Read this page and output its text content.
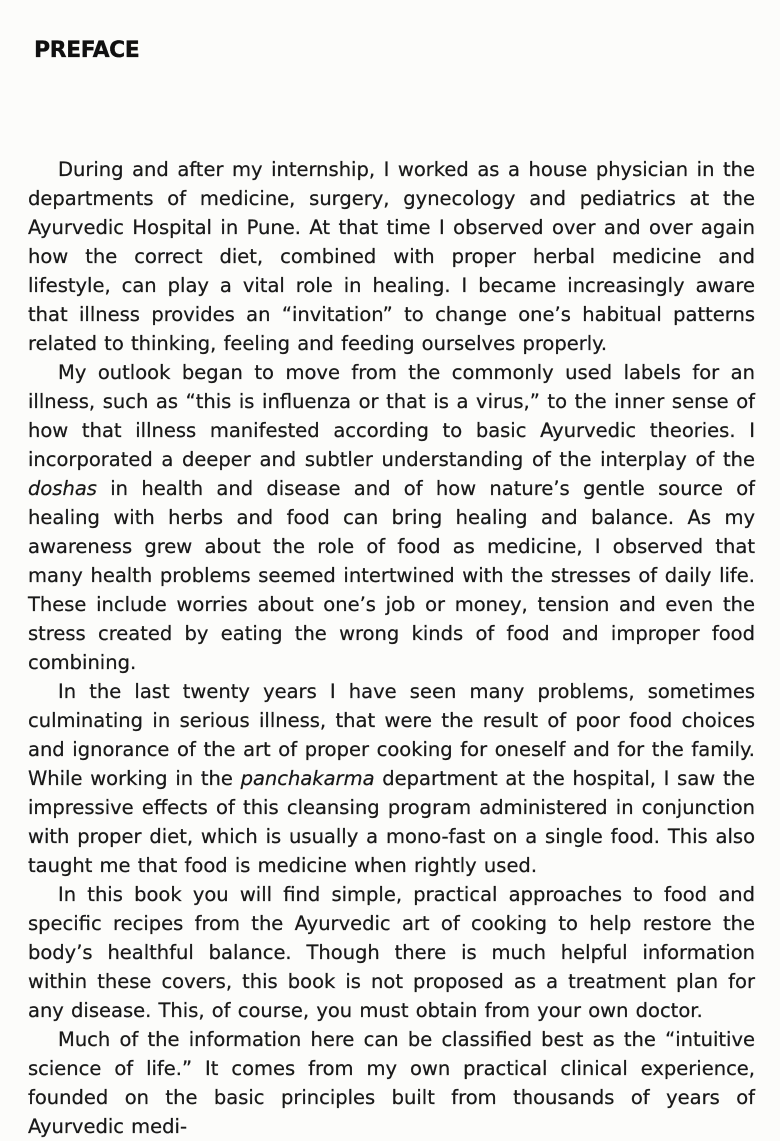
PREFACE

During and after my internship, I worked as a house physician in the departments of medicine, surgery, gynecology and pediatrics at the Ayurvedic Hospital in Pune. At that time I observed over and over again how the correct diet, combined with proper herbal medicine and lifestyle, can play a vital role in healing. I became increasingly aware that illness provides an “invitation” to change one’s habitual patterns related to thinking, feeling and feeding ourselves properly.

My outlook began to move from the commonly used labels for an illness, such as “this is influenza or that is a virus,” to the inner sense of how that illness manifested according to basic Ayurvedic theories. I incorporated a deeper and subtler understanding of the interplay of the doshas in health and disease and of how nature’s gentle source of healing with herbs and food can bring healing and balance. As my awareness grew about the role of food as medicine, I observed that many health problems seemed intertwined with the stresses of daily life. These include worries about one’s job or money, tension and even the stress created by eating the wrong kinds of food and improper food combining.

In the last twenty years I have seen many problems, sometimes culminating in serious illness, that were the result of poor food choices and ignorance of the art of proper cooking for oneself and for the family. While working in the panchakarma department at the hospital, I saw the impressive effects of this cleansing program administered in conjunction with proper diet, which is usually a mono-fast on a single food. This also taught me that food is medicine when rightly used.

In this book you will find simple, practical approaches to food and specific recipes from the Ayurvedic art of cooking to help restore the body’s healthful balance. Though there is much helpful information within these covers, this book is not proposed as a treatment plan for any disease. This, of course, you must obtain from your own doctor.

Much of the information here can be classified best as the “intuitive science of life.” It comes from my own practical clinical experience, founded on the basic principles built from thousands of years of Ayurvedic medi-
